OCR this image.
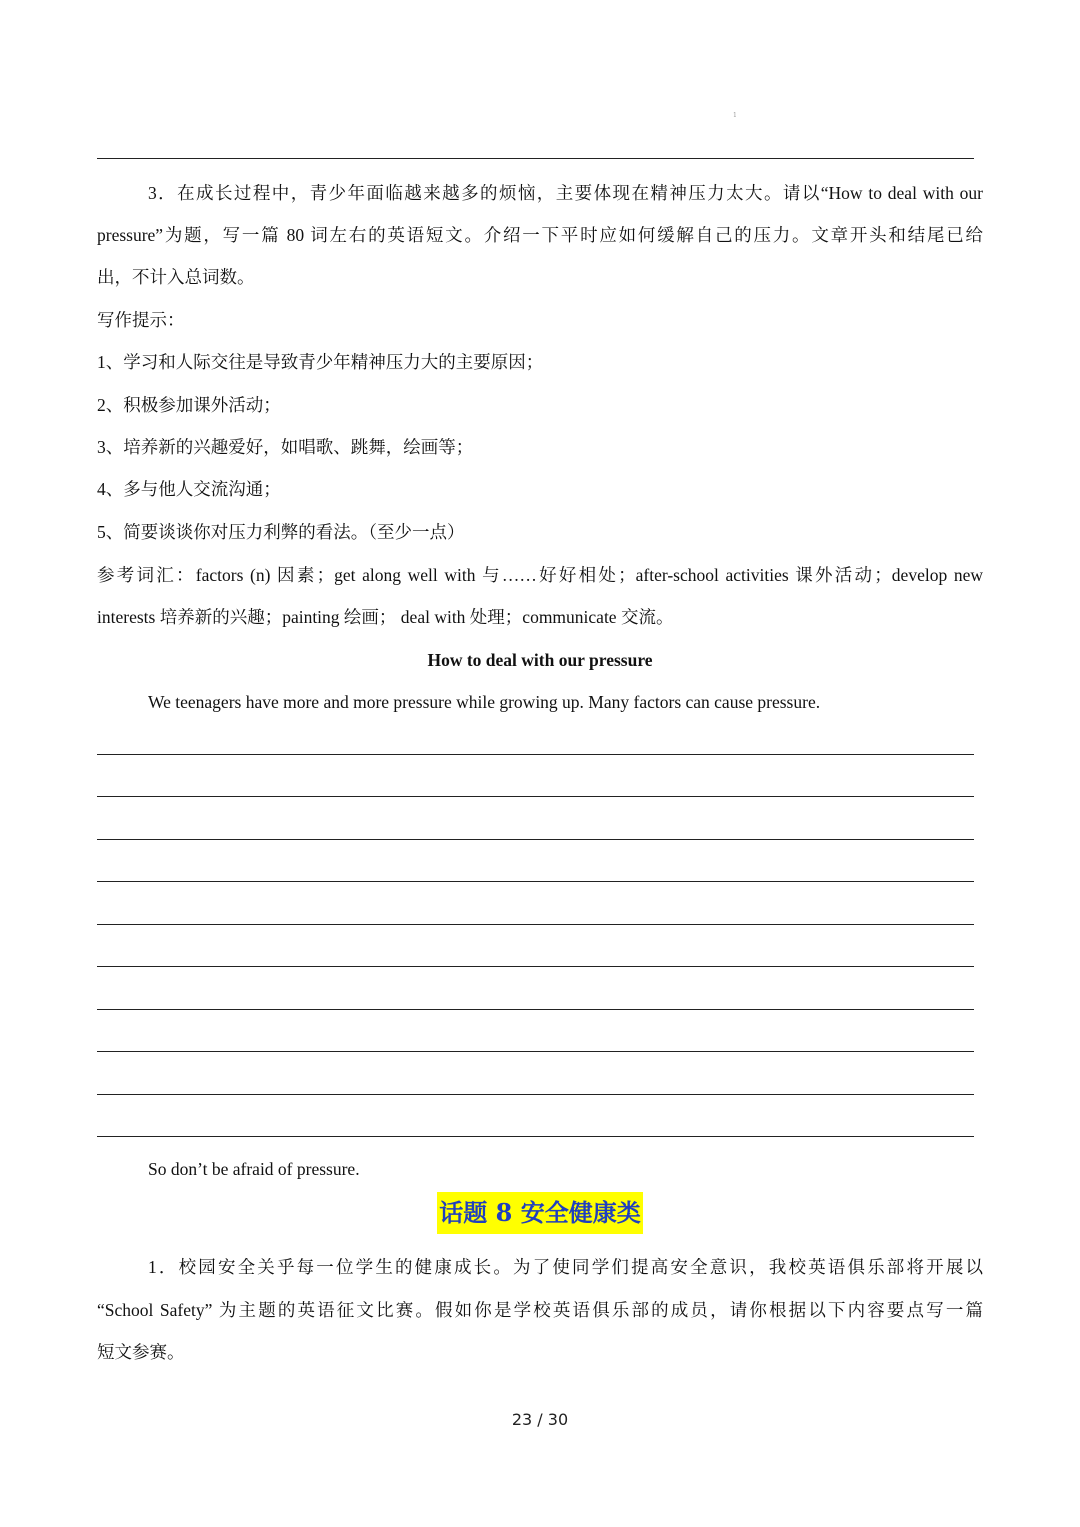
1
3．在成长过程中，青少年面临越来越多的烦恼，主要体现在精神压力太大。请以“How to deal with our
pressure”为题，写一篇 80 词左右的英语短文。介绍一下平时应如何缓解自己的压力。文章开头和结尾已给
出，不计入总词数。
写作提示：
1、学习和人际交往是导致青少年精神压力大的主要原因；
2、积极参加课外活动；
3、培养新的兴趣爱好，如唱歌、跳舞，绘画等；
4、多与他人交流沟通；
5、简要谈谈你对压力利弊的看法。（至少一点）
参考词汇：factors (n) 因素；get along well with 与……好好相处；after-school activities 课外活动；develop new
interests 培养新的兴趣；painting 绘画； deal with 处理；communicate 交流。
How to deal with our pressure
We teenagers have more and more pressure while growing up. Many factors can cause pressure.
So don’t be afraid of pressure.
话题 8 安全健康类
1．校园安全关乎每一位学生的健康成长。为了使同学们提高安全意识，我校英语俱乐部将开展以
“School Safety” 为主题的英语征文比赛。假如你是学校英语俱乐部的成员，请你根据以下内容要点写一篇
短文参赛。
23 / 30
